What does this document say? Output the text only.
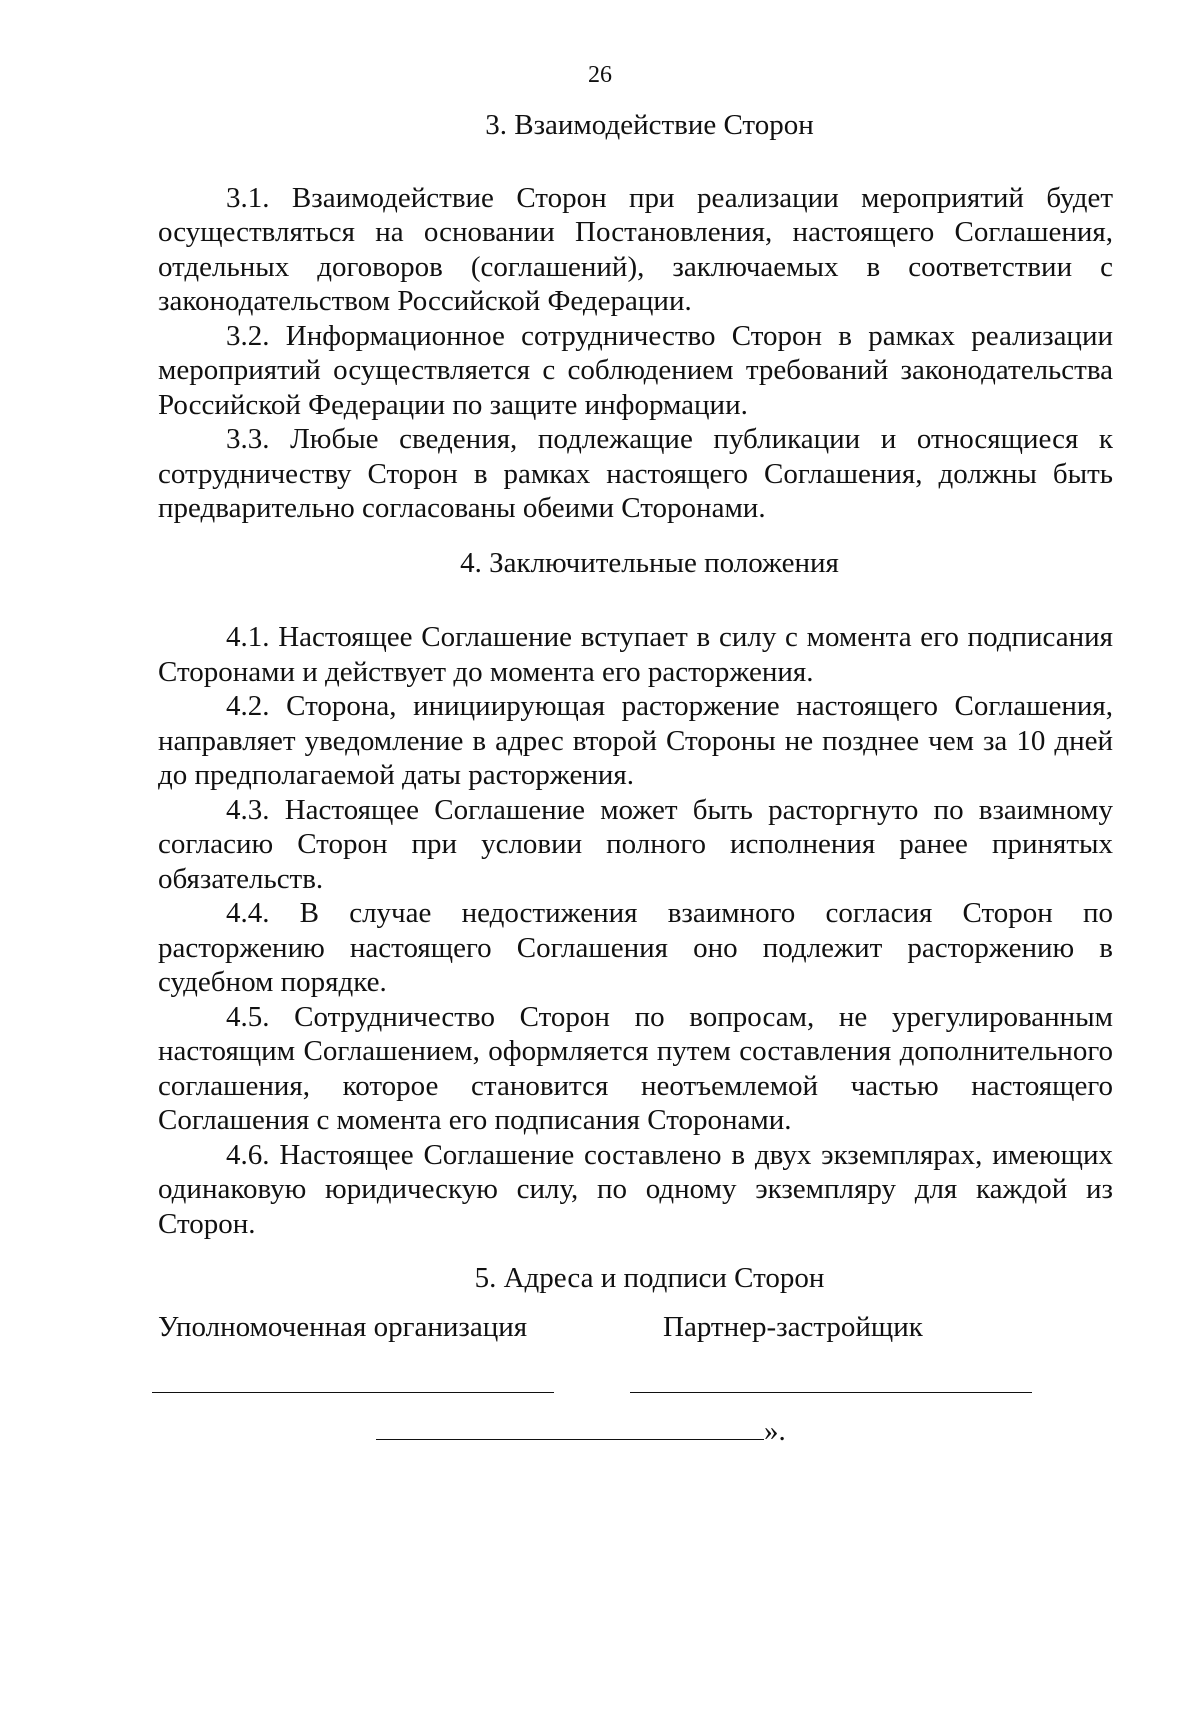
26
3. Взаимодействие Сторон

3.1. Взаимодействие Сторон при реализации мероприятий будет осуществляться на основании Постановления, настоящего Соглашения, отдельных договоров (соглашений), заключаемых в соответствии с законодательством Российской Федерации.

3.2. Информационное сотрудничество Сторон в рамках реализации мероприятий осуществляется с соблюдением требований законодательства Российской Федерации по защите информации.

3.3. Любые сведения, подлежащие публикации и относящиеся к сотрудничеству Сторон в рамках настоящего Соглашения, должны быть предварительно согласованы обеими Сторонами.

4. Заключительные положения

4.1. Настоящее Соглашение вступает в силу с момента его подписания Сторонами и действует до момента его расторжения.

4.2. Сторона, инициирующая расторжение настоящего Соглашения, направляет уведомление в адрес второй Стороны не позднее чем за 10 дней до предполагаемой даты расторжения.

4.3. Настоящее Соглашение может быть расторгнуто по взаимному согласию Сторон при условии полного исполнения ранее принятых обязательств.

4.4. В случае недостижения взаимного согласия Сторон по расторжению настоящего Соглашения оно подлежит расторжению в судебном порядке.

4.5. Сотрудничество Сторон по вопросам, не урегулированным настоящим Соглашением, оформляется путем составления дополнительного соглашения, которое становится неотъемлемой частью настоящего Соглашения с момента его подписания Сторонами.

4.6. Настоящее Соглашение составлено в двух экземплярах, имеющих одинаковую юридическую силу, по одному экземпляру для каждой из Сторон.

5. Адреса и подписи Сторон
Уполномоченная организация	Партнер-застройщик
».
